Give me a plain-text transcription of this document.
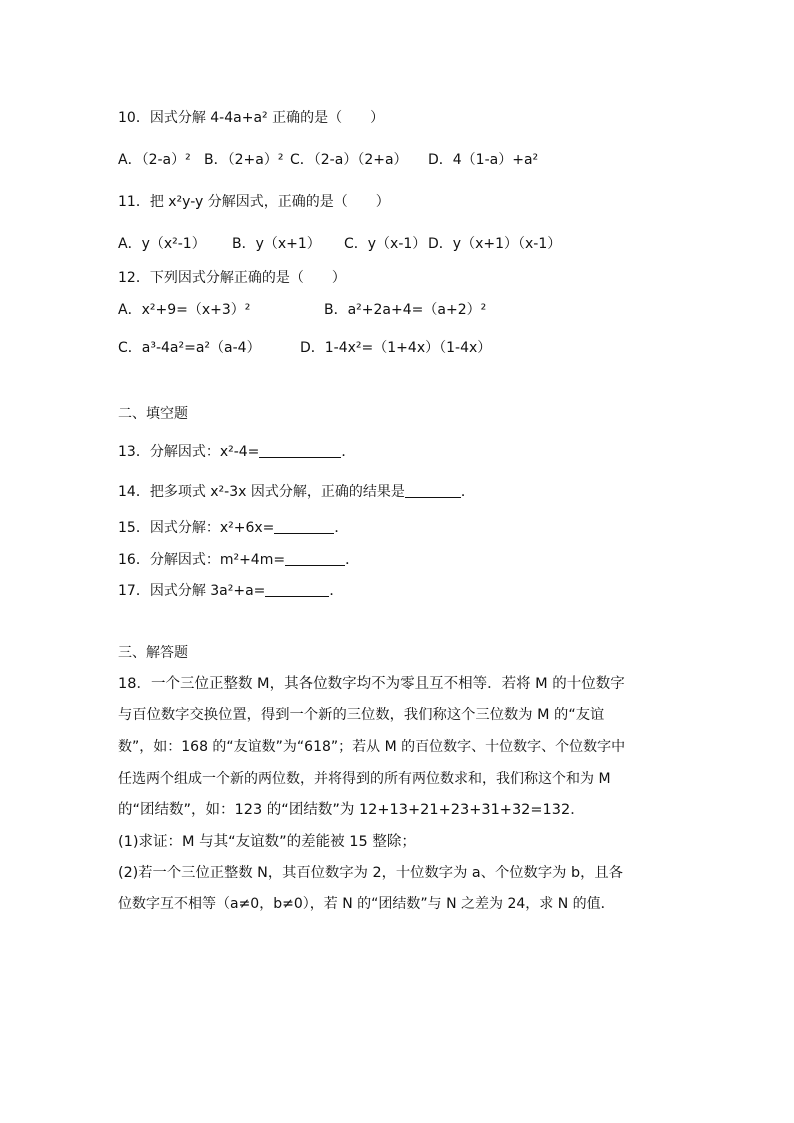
10．因式分解 4-4a+a² 正确的是（　　）
A．（2-a）² B．（2+a）² C．（2-a）（2+a） D．4（1-a）+a²
11．把 x²y-y 分解因式，正确的是（　　）
A．y（x²-1） B．y（x+1） C．y（x-1） D．y（x+1）（x-1）
12．下列因式分解正确的是（　　）
A．x²+9=（x+3）²	B．a²+2a+4=（a+2）²
C．a³-4a²=a²（a-4）	D．1-4x²=（1+4x）（1-4x）
二、填空题
13．分解因式：x²-4=	．
14．把多项式 x²-3x 因式分解，正确的结果是	．
15．因式分解：x²+6x=	．
16．分解因式：m²+4m=	．
17．因式分解 3a²+a=	．
三、解答题
18．一个三位正整数 M，其各位数字均不为零且互不相等．若将 M 的十位数字
与百位数字交换位置，得到一个新的三位数，我们称这个三位数为 M 的“友谊
数”，如：168 的“友谊数”为“618”；若从 M 的百位数字、十位数字、个位数字中
任选两个组成一个新的两位数，并将得到的所有两位数求和，我们称这个和为 M
的“团结数”，如：123 的“团结数”为 12+13+21+23+31+32=132．
(1)求证：M 与其“友谊数”的差能被 15 整除；
(2)若一个三位正整数 N，其百位数字为 2，十位数字为 a、个位数字为 b，且各
位数字互不相等（a≠0，b≠0），若 N 的“团结数”与 N 之差为 24，求 N 的值．
